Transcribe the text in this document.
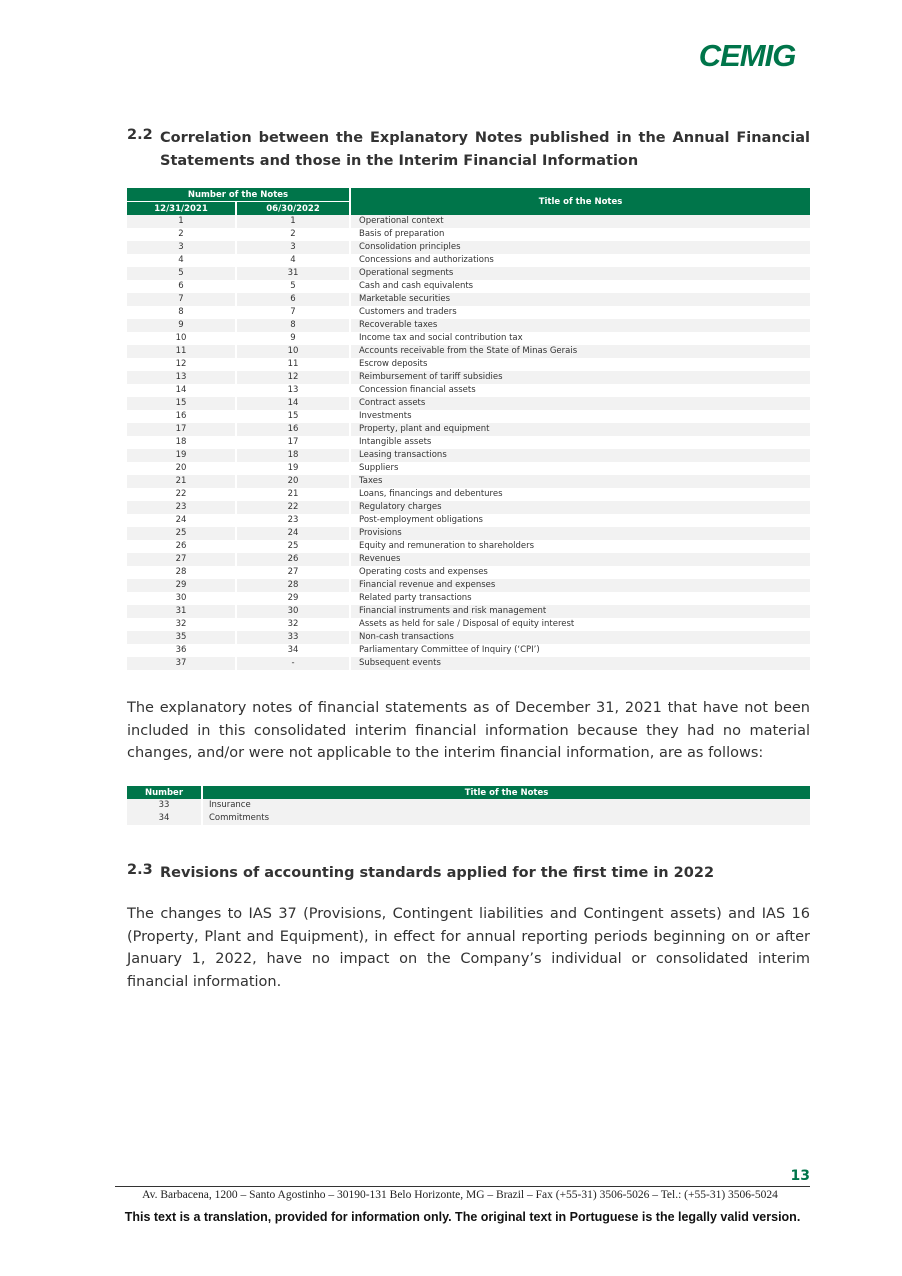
CEMIG
2.2 Correlation between the Explanatory Notes published in the Annual Financial Statements and those in the Interim Financial Information
Number of the Notes		Title of the Notes
12/31/2021	06/30/2022	
1	1	Operational context
2	2	Basis of preparation
3	3	Consolidation principles
4	4	Concessions and authorizations
5	31	Operational segments
6	5	Cash and cash equivalents
7	6	Marketable securities
8	7	Customers and traders
9	8	Recoverable taxes
10	9	Income tax and social contribution tax
11	10	Accounts receivable from the State of Minas Gerais
12	11	Escrow deposits
13	12	Reimbursement of tariff subsidies
14	13	Concession financial assets
15	14	Contract assets
16	15	Investments
17	16	Property, plant and equipment
18	17	Intangible assets
19	18	Leasing transactions
20	19	Suppliers
21	20	Taxes
22	21	Loans, financings and debentures
23	22	Regulatory charges
24	23	Post-employment obligations
25	24	Provisions
26	25	Equity and remuneration to shareholders
27	26	Revenues
28	27	Operating costs and expenses
29	28	Financial revenue and expenses
30	29	Related party transactions
31	30	Financial instruments and risk management
32	32	Assets as held for sale / Disposal of equity interest
35	33	Non-cash transactions
36	34	Parliamentary Committee of Inquiry (‘CPI’)
37	-	Subsequent events
The explanatory notes of financial statements as of December 31, 2021 that have not been included in this consolidated interim financial information because they had no material changes, and/or were not applicable to the interim financial information, are as follows:
Number	Title of the Notes
33	Insurance
34	Commitments
2.3 Revisions of accounting standards applied for the first time in 2022
The changes to IAS 37 (Provisions, Contingent liabilities and Contingent assets) and IAS 16 (Property, Plant and Equipment), in effect for annual reporting periods beginning on or after January 1, 2022, have no impact on the Company’s individual or consolidated interim financial information.
13
Av. Barbacena, 1200 – Santo Agostinho – 30190-131 Belo Horizonte, MG – Brazil – Fax (+55-31) 3506-5026 – Tel.: (+55-31) 3506-5024
This text is a translation, provided for information only. The original text in Portuguese is the legally valid version.
